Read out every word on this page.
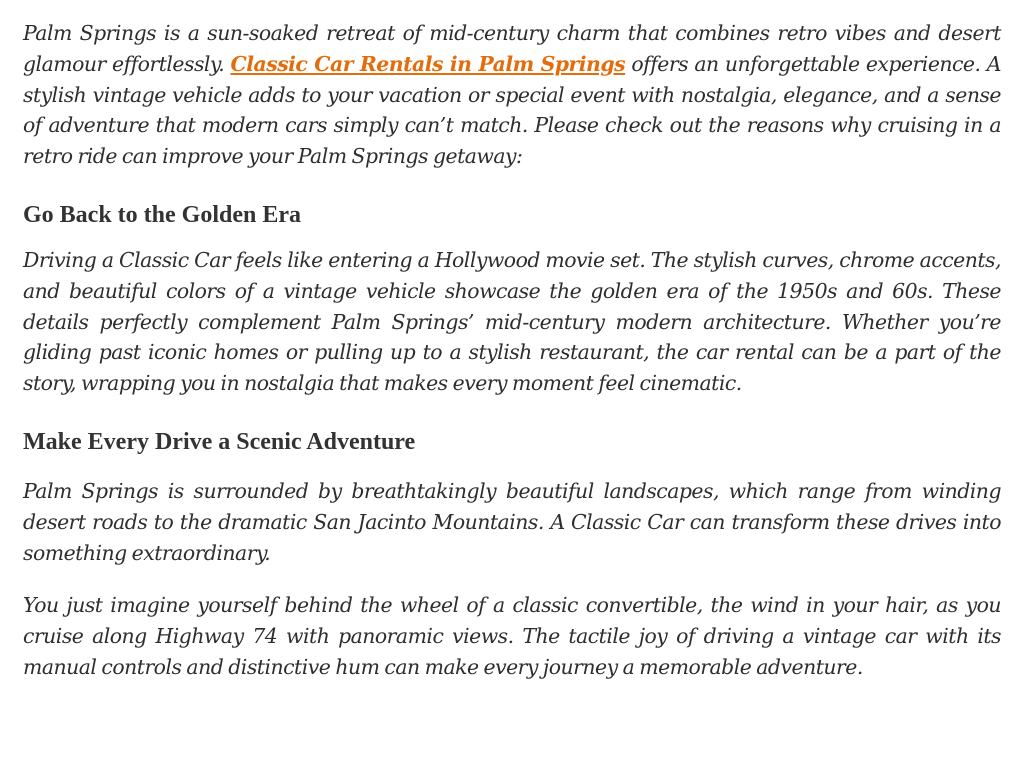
Palm Springs is a sun-soaked retreat of mid-century charm that combines retro vibes and desert glamour effortlessly. Classic Car Rentals in Palm Springs offers an unforgettable experience. A stylish vintage vehicle adds to your vacation or special event with nostalgia, elegance, and a sense of adventure that modern cars simply can’t match. Please check out the reasons why cruising in a retro ride can improve your Palm Springs getaway:

Go Back to the Golden Era

Driving a Classic Car feels like entering a Hollywood movie set. The stylish curves, chrome accents, and beautiful colors of a vintage vehicle showcase the golden era of the 1950s and 60s. These details perfectly complement Palm Springs’ mid-century modern architecture. Whether you’re gliding past iconic homes or pulling up to a stylish restaurant, the car rental can be a part of the story, wrapping you in nostalgia that makes every moment feel cinematic.

Make Every Drive a Scenic Adventure

Palm Springs is surrounded by breathtakingly beautiful landscapes, which range from winding desert roads to the dramatic San Jacinto Mountains. A Classic Car can transform these drives into something extraordinary.

You just imagine yourself behind the wheel of a classic convertible, the wind in your hair, as you cruise along Highway 74 with panoramic views. The tactile joy of driving a vintage car with its manual controls and distinctive hum can make every journey a memorable adventure.
